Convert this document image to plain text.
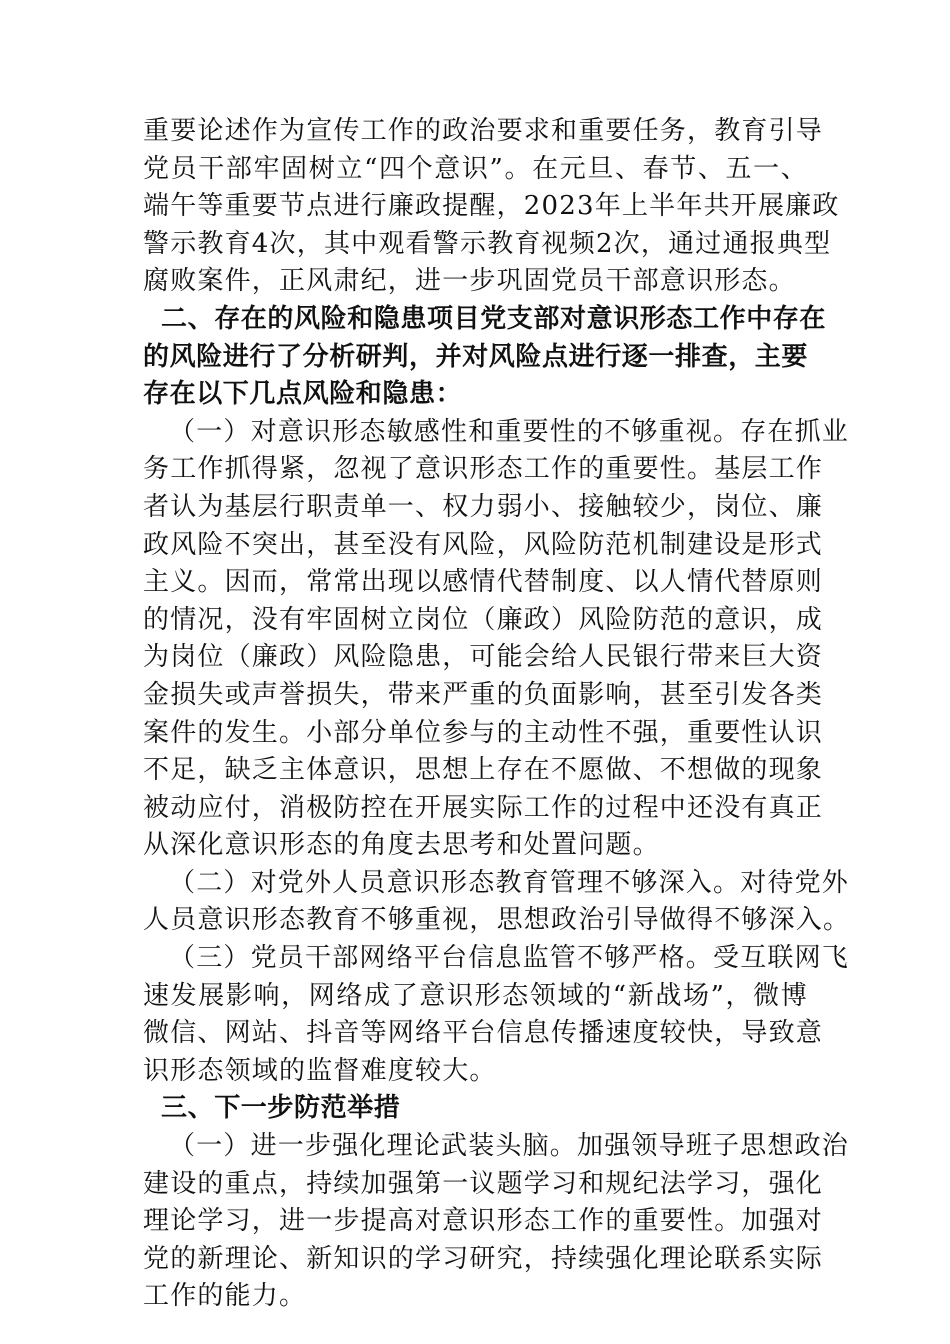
重要论述作为宣传工作的政治要求和重要任务，教育引导
党员干部牢固树立“四个意识”。在元旦、春节、五一、
端午等重要节点进行廉政提醒，2023年上半年共开展廉政
警示教育4次，其中观看警示教育视频2次，通过通报典型
腐败案件，正风肃纪，进一步巩固党员干部意识形态。
二、存在的风险和隐患项目党支部对意识形态工作中存在
的风险进行了分析研判，并对风险点进行逐一排查，主要
存在以下几点风险和隐患：
（一）对意识形态敏感性和重要性的不够重视。存在抓业
务工作抓得紧，忽视了意识形态工作的重要性。基层工作
者认为基层行职责单一、权力弱小、接触较少，岗位、廉
政风险不突出，甚至没有风险，风险防范机制建设是形式
主义。因而，常常出现以感情代替制度、以人情代替原则
的情况，没有牢固树立岗位（廉政）风险防范的意识，成
为岗位（廉政）风险隐患，可能会给人民银行带来巨大资
金损失或声誉损失，带来严重的负面影响，甚至引发各类
案件的发生。小部分单位参与的主动性不强，重要性认识
不足，缺乏主体意识，思想上存在不愿做、不想做的现象
被动应付，消极防控在开展实际工作的过程中还没有真正
从深化意识形态的角度去思考和处置问题。
（二）对党外人员意识形态教育管理不够深入。对待党外
人员意识形态教育不够重视，思想政治引导做得不够深入。
（三）党员干部网络平台信息监管不够严格。受互联网飞
速发展影响，网络成了意识形态领域的“新战场”，微博
微信、网站、抖音等网络平台信息传播速度较快，导致意
识形态领域的监督难度较大。
三、下一步防范举措
（一）进一步强化理论武装头脑。加强领导班子思想政治
建设的重点，持续加强第一议题学习和规纪法学习，强化
理论学习，进一步提高对意识形态工作的重要性。加强对
党的新理论、新知识的学习研究，持续强化理论联系实际
工作的能力。
